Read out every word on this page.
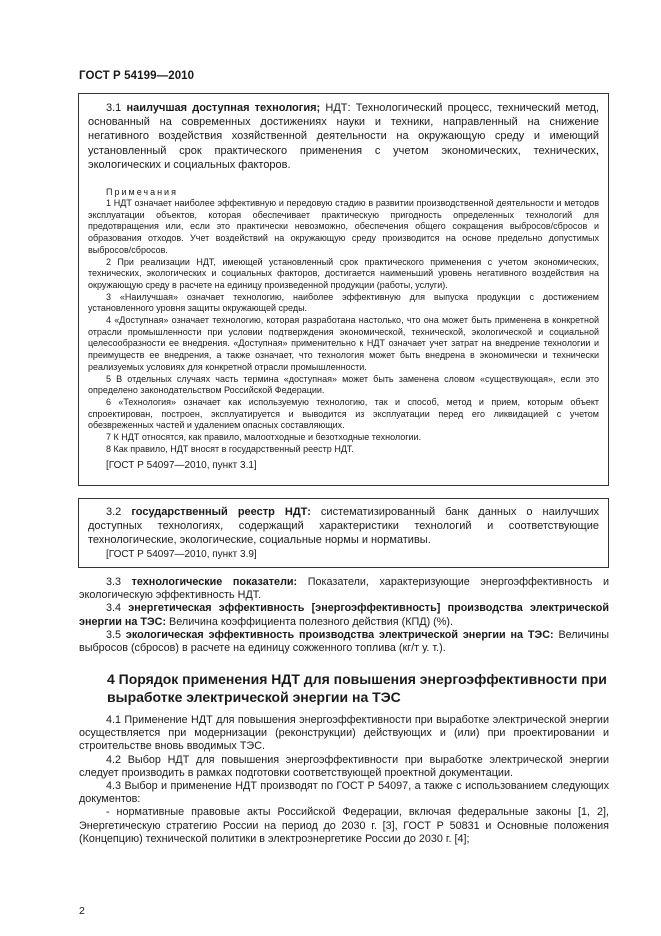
ГОСТ Р 54199—2010

3.1 наилучшая доступная технология; НДТ: Технологический процесс, технический метод, основанный на современных достижениях науки и техники, направленный на снижение негативного воздействия хозяйственной деятельности на окружающую среду и имеющий установленный срок практического применения с учетом экономических, технических, экологических и социальных факторов.

Примечания

1 НДТ означает наиболее эффективную и передовую стадию в развитии производственной деятельности и методов эксплуатации объектов, которая обеспечивает практическую пригодность определенных технологий для предотвращения или, если это практически невозможно, обеспечения общего сокращения выбросов/сбросов и образования отходов. Учет воздействий на окружающую среду производится на основе предельно допустимых выбросов/сбросов.

2 При реализации НДТ, имеющей установленный срок практического применения с учетом экономических, технических, экологических и социальных факторов, достигается наименьший уровень негативного воздействия на окружающую среду в расчете на единицу произведенной продукции (работы, услуги).

3 «Наилучшая» означает технологию, наиболее эффективную для выпуска продукции с достижением установленного уровня защиты окружающей среды.

4 «Доступная» означает технологию, которая разработана настолько, что она может быть применена в конкретной отрасли промышленности при условии подтверждения экономической, технической, экологической и социальной целесообразности ее внедрения. «Доступная» применительно к НДТ означает учет затрат на внедрение технологии и преимуществ ее внедрения, а также означает, что технология может быть внедрена в экономически и технически реализуемых условиях для конкретной отрасли промышленности.

5 В отдельных случаях часть термина «доступная» может быть заменена словом «существующая», если это определено законодательством Российской Федерации.

6 «Технология» означает как используемую технологию, так и способ, метод и прием, которым объект спроектирован, построен, эксплуатируется и выводится из эксплуатации перед его ликвидацией с учетом обезвреженных частей и удалением опасных составляющих.

7 К НДТ относятся, как правило, малоотходные и безотходные технологии.

8 Как правило, НДТ вносят в государственный реестр НДТ.

[ГОСТ Р 54097—2010, пункт 3.1]

3.2 государственный реестр НДТ: систематизированный банк данных о наилучших доступных технологиях, содержащий характеристики технологий и соответствующие технологические, экологические, социальные нормы и нормативы.

[ГОСТ Р 54097—2010, пункт 3.9]

3.3 технологические показатели: Показатели, характеризующие энергоэффективность и экологическую эффективность НДТ.

3.4 энергетическая эффективность [энергоэффективность] производства электрической энергии на ТЭС: Величина коэффициента полезного действия (КПД) (%).

3.5 экологическая эффективность производства электрической энергии на ТЭС: Величины выбросов (сбросов) в расчете на единицу сожженного топлива (кг/т у. т.).

4 Порядок применения НДТ для повышения энергоэффективности при выработке электрической энергии на ТЭС

4.1 Применение НДТ для повышения энергоэффективности при выработке электрической энергии осуществляется при модернизации (реконструкции) действующих и (или) при проектировании и строительстве вновь вводимых ТЭС.

4.2 Выбор НДТ для повышения энергоэффективности при выработке электрической энергии следует производить в рамках подготовки соответствующей проектной документации.

4.3 Выбор и применение НДТ производят по ГОСТ Р 54097, а также с использованием следующих документов:

- нормативные правовые акты Российской Федерации, включая федеральные законы [1, 2], Энергетическую стратегию России на период до 2030 г. [3], ГОСТ Р 50831 и Основные положения (Концепцию) технической политики в электроэнергетике России до 2030 г. [4];

2
